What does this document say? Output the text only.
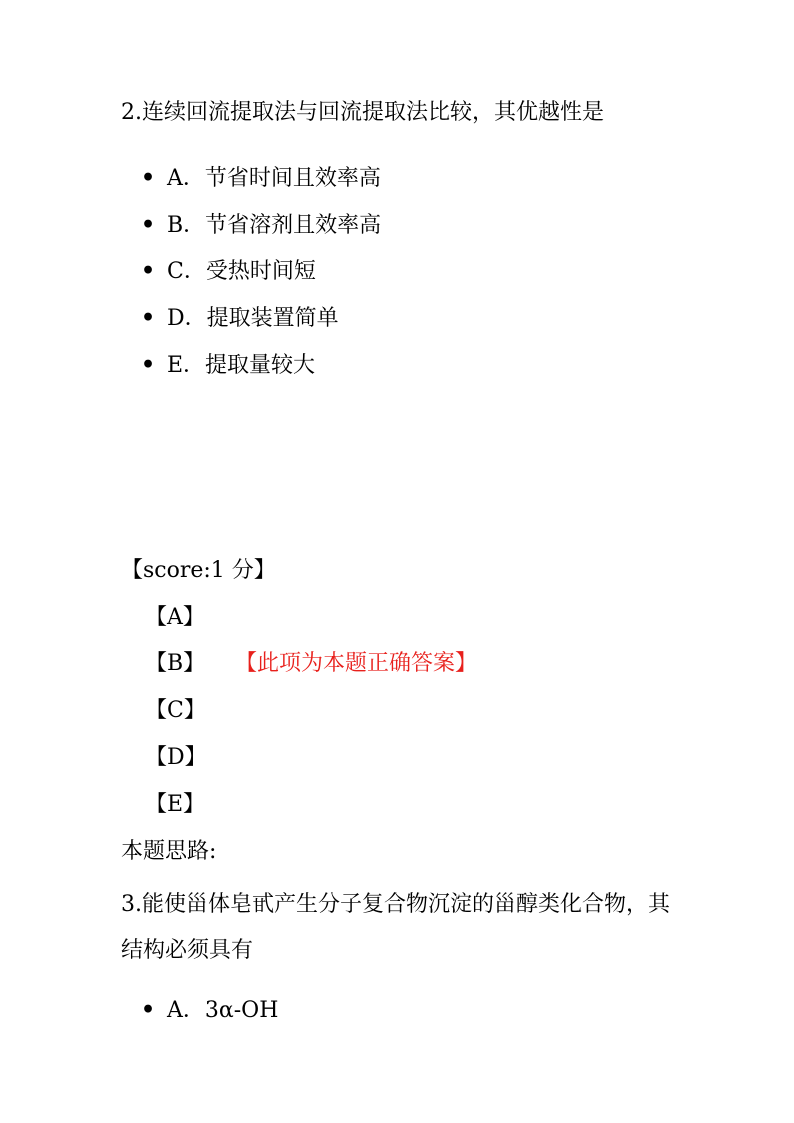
2.连续回流提取法与回流提取法比较，其优越性是
• A．节省时间且效率高
• B．节省溶剂且效率高
• C．受热时间短
• D．提取装置简单
• E．提取量较大
【score:1 分】
【A】
【B】 【此项为本题正确答案】
【C】
【D】
【E】
本题思路:
3.能使甾体皂甙产生分子复合物沉淀的甾醇类化合物，其结构必须具有
• A．3α-OH
